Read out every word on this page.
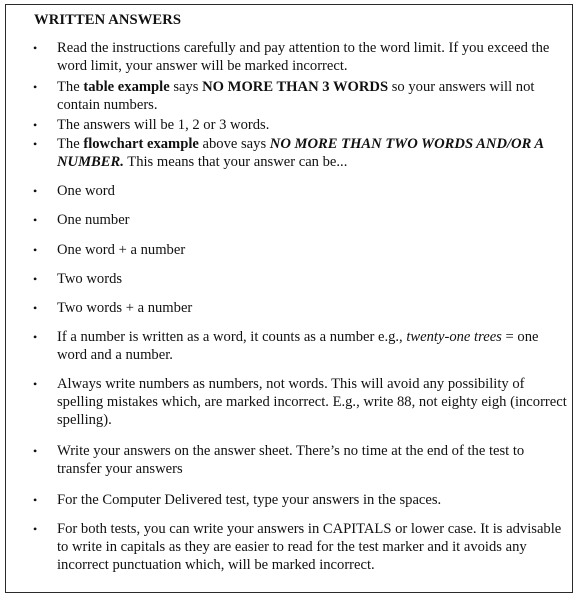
WRITTEN ANSWERS
• Read the instructions carefully and pay attention to the word limit. If you exceed the word limit, your answer will be marked incorrect.
• The table example says NO MORE THAN 3 WORDS so your answers will not contain numbers.
• The answers will be 1, 2 or 3 words.
• The flowchart example above says NO MORE THAN TWO WORDS AND/OR A NUMBER. This means that your answer can be...
• One word
• One number
• One word + a number
• Two words
• Two words + a number
• If a number is written as a word, it counts as a number e.g., twenty-one trees = one word and a number.
• Always write numbers as numbers, not words. This will avoid any possibility of spelling mistakes which, are marked incorrect. E.g., write 88, not eighty eigh (incorrect spelling).
• Write your answers on the answer sheet. There’s no time at the end of the test to transfer your answers
• For the Computer Delivered test, type your answers in the spaces.
• For both tests, you can write your answers in CAPITALS or lower case. It is advisable to write in capitals as they are easier to read for the test marker and it avoids any incorrect punctuation which, will be marked incorrect.
